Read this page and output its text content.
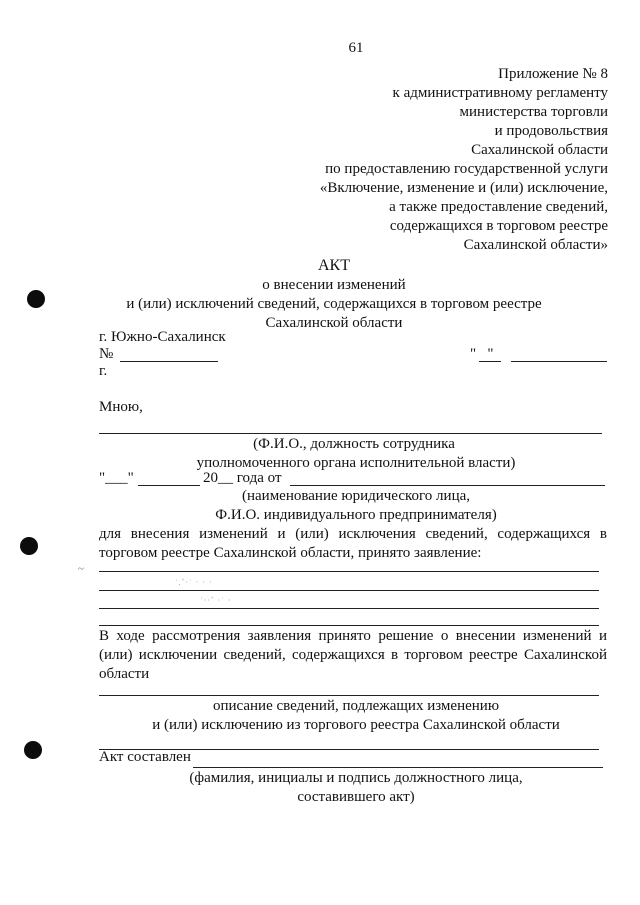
61
Приложение № 8
к административному регламенту
министерства торговли
и продовольствия
Сахалинской области
по предоставлению государственной услуги
«Включение, изменение и (или) исключение,
а также предоставление сведений,
содержащихся в торговом реестре
Сахалинской области»
АКТ
о внесении изменений
и (или) исключений сведений, содержащихся в торговом реестре
Сахалинской области
г. Южно-Сахалинск
№
г.
"   "
Мною,
(Ф.И.О., должность сотрудника
уполномоченного органа исполнительной власти)
"___"	20__ года от
(наименование юридического лица,
Ф.И.О. индивидуального предпринимателя)
для внесения изменений и (или) исключения сведений, содержащихся в торговом реестре Сахалинской области, принято заявление:
˙.˚·˙ · · ·
˙··˚ ·˙ ·
~
В ходе рассмотрения заявления принято решение о внесении изменений и (или) исключении сведений, содержащихся в торговом реестре Сахалинской области
описание сведений, подлежащих изменению
и (или) исключению из торгового реестра Сахалинской области
Акт составлен
(фамилия, инициалы и подпись должностного лица,
составившего акт)
